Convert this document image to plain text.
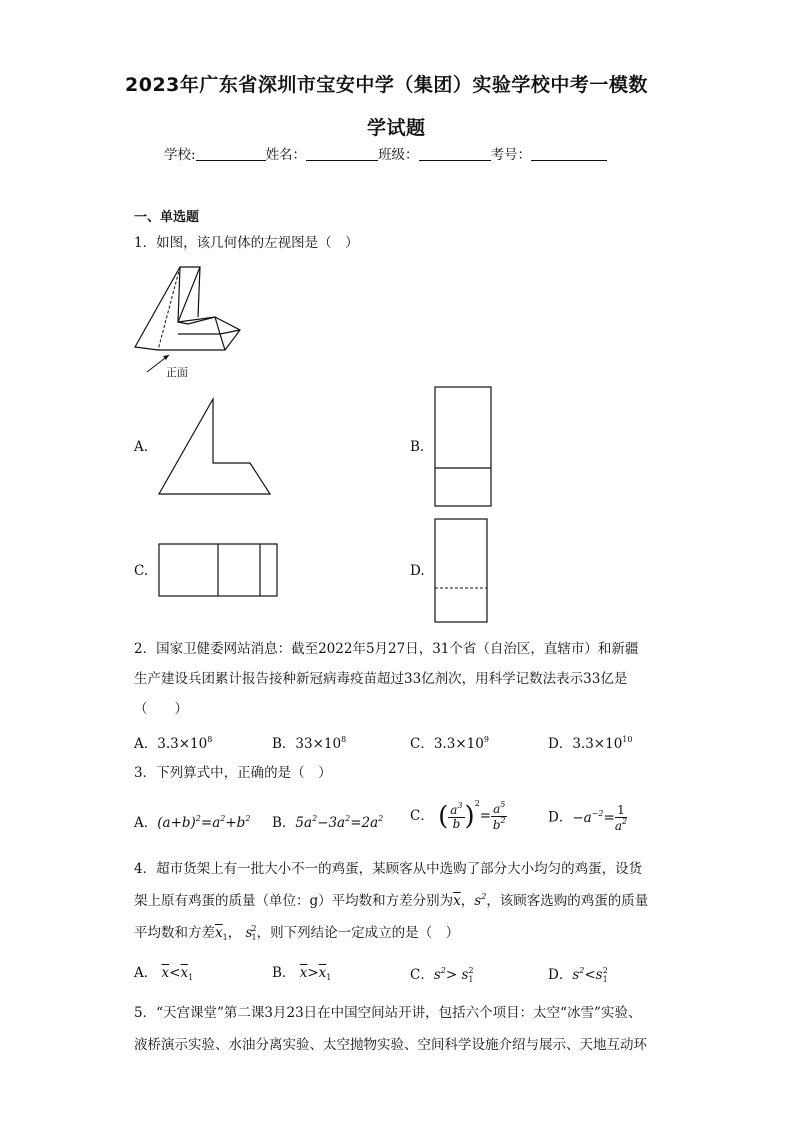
2023年广东省深圳市宝安中学（集团）实验学校中考一模数
学试题
学校:	姓名：	班级：	考号：
一、单选题
1．如图，该几何体的左视图是（　）
正面
A.	B.
C.	D.
2．国家卫健委网站消息：截至2022年5月27日，31个省（自治区，直辖市）和新疆
生产建设兵团累计报告接种新冠病毒疫苗超过33亿剂次，用科学记数法表示33亿是
（　　）
A．$3.3\times 10^8$	B．$33\times 10^8$	C．$3.3\times 10^9$	D．$3.3\times 10^{10}$
3．下列算式中，正确的是（　）
A．$(a+b)^2=a^2+b^2$ B．$5a^2-3a^2=2a^2$ C． ( $\frac{a^3}{b} )^2= \frac{a^5}{b^2}$	D．$-a^{-2}= \frac{1}{a^2}$
4．超市货架上有一批大小不一的鸡蛋，某顾客从中选购了部分大小均匀的鸡蛋，设货
架上原有鸡蛋的质量（单位：g）平均数和方差分别为$\overline{x}$，$s^2$，该顾客选购的鸡蛋的质量
平均数和方差$\overline{x}_1$， $s_1^2$，则下列结论一定成立的是（　）
A． $\overline{x}<\overline{x}_1$	B． $\overline{x}>\overline{x}_1$	C．$s^2> s_1^2$	D．$s^2<s_1^2$
5．“天宫课堂”第二课3月23日在中国空间站开讲，包括六个项目：太空“冰雪”实验、
液桥演示实验、水油分离实验、太空抛物实验、空间科学设施介绍与展示、天地互动环
